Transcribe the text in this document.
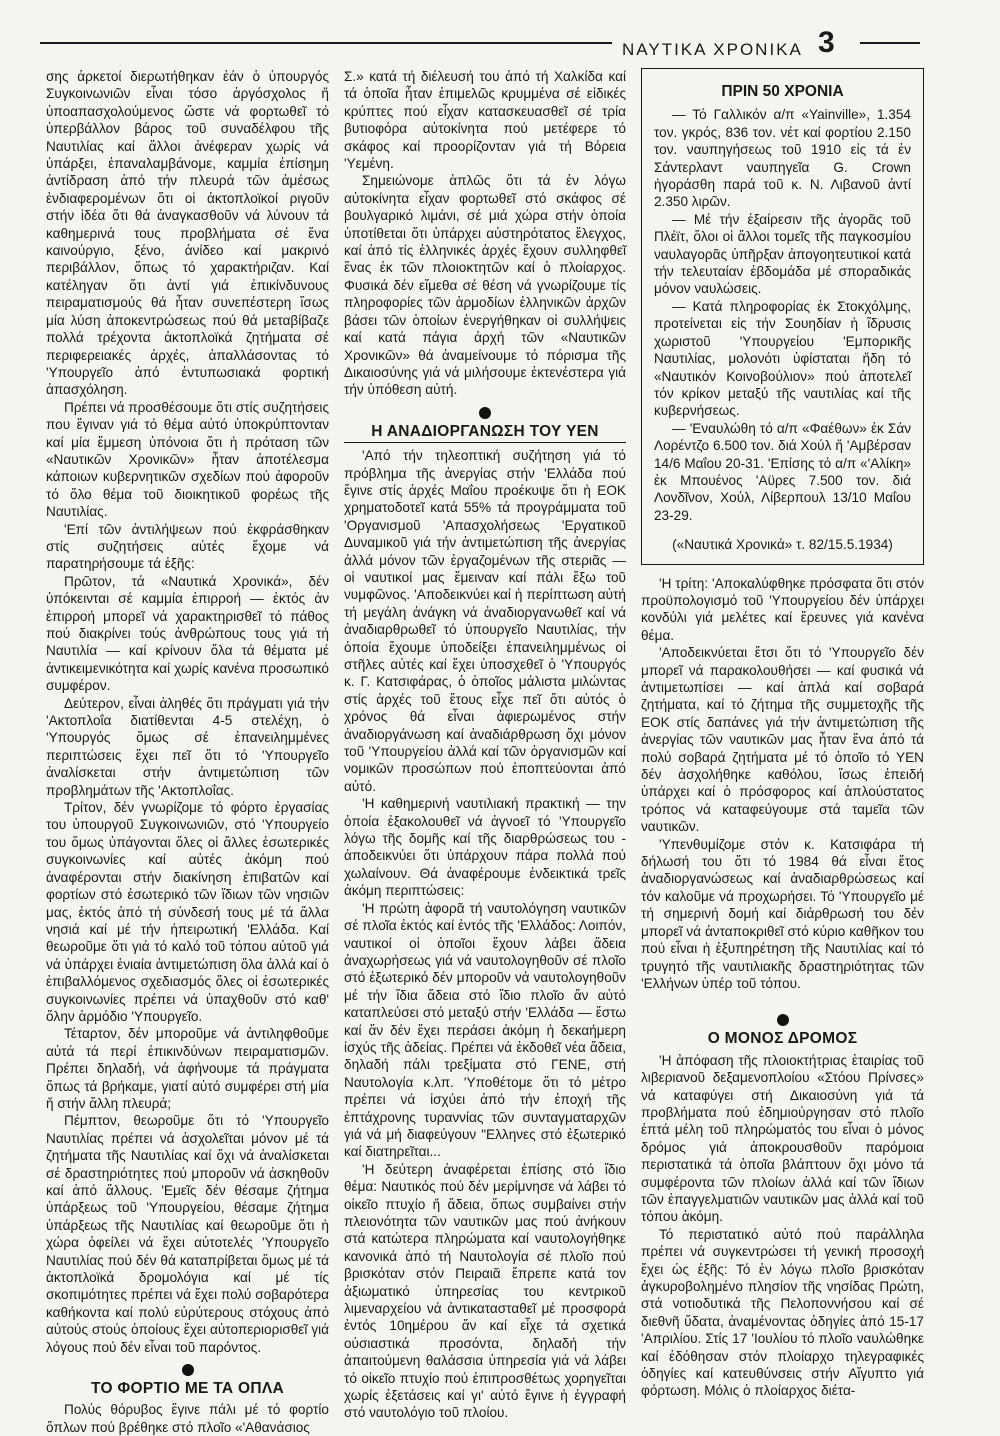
ΝΑΥΤΙΚΑ ΧΡΟΝΙΚΑ 3

σης ἀρκετοί διερωτήθηκαν ἐάν ὁ ὑπουργός Συγκοινωνιῶν εἶναι τόσο ἀργόσχολος ἤ ὑποαπασχολούμενος ὥστε νά φορτωθεῖ τό ὑπερβάλλον βάρος τοῦ συναδέλφου τῆς Ναυτιλίας καί ἄλλοι ἀνέφεραν χωρίς νά ὑπάρξει, ἐπαναλαμβάνομε, καμμία ἐπίσημη ἀντίδραση ἀπό τήν πλευρά τῶν ἀμέσως ἐνδιαφερομένων ὅτι οἱ ἀκτοπλοϊκοί ριγοῦν στήν ἰδέα ὅτι θά ἀναγκασθοῦν νά λύνουν τά καθημερινά τους προβλήματα σέ ἕνα καινούργιο, ξένο, ἀνίδεο καί μακρινό περιβάλλον, ὅπως τό χαρακτήριζαν. Καί κατέληγαν ὅτι ἀντί γιά ἐπικίνδυνους πειραματισμούς θά ἦταν συνεπέστερη ἴσως μία λύση ἀποκεντρώσεως πού θά μεταβίβαζε πολλά τρέχοντα ἀκτοπλοϊκά ζητήματα σέ περιφερειακές ἀρχές, ἀπαλλάσοντας τό 'Υπουργεῖο ἀπό ἐντυπωσιακά φορτική ἀπασχόληση.

Πρέπει νά προσθέσουμε ὅτι στίς συζητήσεις που ἔγιναν γιά τό θέμα αὐτό ὑποκρύπτονταν καί μία ἔμμεση ὑπόνοια ὅτι ἡ πρόταση τῶν «Ναυτικῶν Χρονικῶν» ἦταν ἀποτέλεσμα κάποιων κυβερνητικῶν σχεδίων πού ἀφοροῦν τό ὅλο θέμα τοῦ διοικητικοῦ φορέως τῆς Ναυτιλίας.

'Επί τῶν ἀντιλήψεων πού ἐκφράσθηκαν στίς συζητήσεις αὐτές ἔχομε νά παρατηρήσουμε τά ἑξῆς:

Πρῶτον, τά «Ναυτικά Χρονικά», δέν ὑπόκεινται σέ καμμία ἐπιρροή — ἐκτός ἀν ἐπιρροή μπορεῖ νά χαρακτηρισθεῖ τό πάθος πού διακρίνει τούς ἀνθρώπους τους γιά τή Ναυτιλία — καί κρίνουν ὅλα τά θέματα μέ ἀντικειμενικότητα καί χωρίς κανένα προσωπικό συμφέρον.

Δεύτερον, εἶναι ἀληθές ὅτι πράγματι γιά τήν 'Ακτοπλοΐα διατίθενται 4-5 στελέχη, ὁ 'Υπουργός ὅμως σέ ἐπανειλημμένες περιπτώσεις ἔχει πεῖ ὅτι τό 'Υπουργεῖο ἀναλίσκεται στήν ἀντιμετώπιση τῶν προβλημάτων τῆς 'Ακτοπλοΐας.

Τρίτον, δέν γνωρίζομε τό φόρτο ἐργασίας του ὑπουργοῦ Συγκοινωνιῶν, στό 'Υπουργείο του ὅμως ὑπάγονται ὅλες οἱ ἄλλες ἐσωτερικές συγκοινωνίες καί αὐτές ἀκόμη πού ἀναφέρονται στήν διακίνηση ἐπιβατῶν καί φορτίων στό ἐσωτερικό τῶν ἴδιων τῶν νησιῶν μας, ἐκτός ἀπό τή σύνδεσή τους μέ τά ἄλλα νησιά καί μέ τήν ἠπειρωτική 'Ελλάδα. Καί θεωροῦμε ὅτι γιά τό καλό τοῦ τόπου αὐτοῦ γιά νά ὑπάρχει ἑνιαία ἀντιμετώπιση ὅλα ἀλλά καί ὁ ἐπιβαλλόμενος σχεδιασμός ὅλες οἱ ἐσωτερικές συγκοινωνίες πρέπει νά ὑπαχθοῦν στό καθ' ὅλην ἁρμόδιο 'Υπουργεῖο.

Τέταρτον, δέν μποροῦμε νά ἀντιληφθοῦμε αὐτά τά περί ἐπικινδύνων πειραματισμῶν. Πρέπει δηλαδή, νά ἀφήνουμε τά πράγματα ὅπως τά βρήκαμε, γιατί αὐτό συμφέρει στή μία ἤ στήν ἄλλη πλευρά;

Πέμπτον, θεωροῦμε ὅτι τό 'Υπουργεῖο Ναυτιλίας πρέπει νά ἀσχολεῖται μόνον μέ τά ζητήματα τῆς Ναυτιλίας καί ὄχι νά ἀναλίσκεται σέ δραστηριότητες πού μποροῦν νά ἀσκηθοῦν καί ἀπό ἄλλους. 'Εμεῖς δέν θέσαμε ζήτημα ὑπάρξεως τοῦ 'Υπουργείου, θέσαμε ζήτημα ὑπάρξεως τῆς Ναυτιλίας καί θεωροῦμε ὅτι ἡ χώρα ὀφείλει νά ἔχει αὐτοτελές 'Υπουργεῖο Ναυτιλίας πού δέν θά καταπρίβεται ὅμως μέ τά ἀκτοπλοϊκά δρομολόγια καί μέ τίς σκοπιμότητες πρέπει νά ἔχει πολύ σοβαρότερα καθήκοντα καί πολύ εὐρύτερους στόχους ἀπό αὐτούς στούς ὁποίους ἔχει αὐτοπεριορισθεῖ γιά λόγους πού δέν εἶναι τοῦ παρόντος.

ΤΟ ΦΟΡΤΙΟ ΜΕ ΤΑ ΟΠΛΑ

Πολύς θόρυβος ἔγινε πάλι μέ τό φορτίο ὅπλων πού βρέθηκε στό πλοῖο «'Αθανάσιος

Σ.» κατά τή διέλευσή του ἀπό τή Χαλκίδα καί τά ὁποῖα ἦταν ἐπιμελῶς κρυμμένα σέ εἰδικές κρύπτες πού εἶχαν κατασκευασθεῖ σέ τρία βυτιοφόρα αὐτοκίνητα πού μετέφερε τό σκάφος καί προορίζονταν γιά τή Βόρεια 'Υεμένη.

Σημειώνομε ἁπλῶς ὅτι τά ἐν λόγω αὐτοκίνητα εἶχαν φορτωθεῖ στό σκάφος σέ βουλγαρικό λιμάνι, σέ μιά χώρα στήν ὁποία ὑποτίθεται ὅτι ὑπάρχει αὐστηρότατος ἔλεγχος, καί ἀπό τίς ἑλληνικές ἀρχές ἔχουν συλληφθεῖ ἕνας ἐκ τῶν πλοιοκτητῶν καί ὁ πλοίαρχος. Φυσικά δέν εἴμεθα σέ θέση νά γνωρίζουμε τίς πληροφορίες τῶν ἁρμοδίων ἑλληνικῶν ἀρχῶν βάσει τῶν ὁποίων ἐνεργήθηκαν οἱ συλλήψεις καί κατά πάγια ἀρχή τῶν «Ναυτικῶν Χρονικῶν» θά ἀναμείνουμε τό πόρισμα τῆς Δικαιοσύνης γιά νά μιλήσουμε ἐκτενέστερα γιά τήν ὑπόθεση αὐτή.

Η ΑΝΑΔΙΟΡΓΑΝΩΣΗ ΤΟΥ ΥΕΝ

'Από τήν τηλεοπτική συζήτηση γιά τό πρόβλημα τῆς ἀνεργίας στήν 'Ελλάδα πού ἔγινε στίς ἀρχές Μαΐου προέκυψε ὅτι ἡ ΕΟΚ χρηματοδοτεῖ κατά 55% τά προγράμματα τοῦ 'Οργανισμοῦ 'Απασχολήσεως 'Εργατικοῦ Δυναμικοῦ γιά τήν ἀντιμετώπιση τῆς ἀνεργίας ἀλλά μόνον τῶν ἐργαζομένων τῆς στεριᾶς — οἱ ναυτικοί μας ἔμειναν καί πάλι ἔξω τοῦ νυμφῶνος. 'Αποδεικνύει καί ἡ περίπτωση αὐτή τή μεγάλη ἀνάγκη νά ἀναδιοργανωθεῖ καί νά ἀναδιαρθρωθεῖ τό ὑπουργεῖο Ναυτιλίας, τήν ὁποία ἔχουμε ὑποδείξει ἐπανειλημμένως οἱ στῆλες αὐτές καί ἔχει ὑποσχεθεῖ ὁ 'Υπουργός κ. Γ. Κατσιφάρας, ὁ ὁποῖος μάλιστα μιλώντας στίς ἀρχές τοῦ ἔτους εἶχε πεῖ ὅτι αὐτός ὁ χρόνος θά εἶναι ἀφιερωμένος στήν ἀναδιοργάνωση καί ἀναδιάρθρωση ὄχι μόνον τοῦ 'Υπουργείου ἀλλά καί τῶν ὀργανισμῶν καί νομικῶν προσώπων πού ἐποπτεύονται ἀπό αὐτό.

'Η καθημερινή ναυτιλιακή πρακτική — την ὁποία ἐξακολουθεῖ νά ἀγνοεῖ τό 'Υπουργεῖο λόγω τῆς δομῆς καί τῆς διαρθρώσεως του - ἀποδεικνύει ὅτι ὑπάρχουν πάρα πολλά πού χωλαίνουν. Θά ἀναφέρουμε ἐνδεικτικά τρεῖς ἀκόμη περιπτώσεις:

'Η πρώτη ἀφορᾶ τή ναυτολόγηση ναυτικῶν σέ πλοῖα ἐκτός καί ἐντός τῆς 'Ελλάδος: Λοιπόν, ναυτικοί οἱ ὁποῖοι ἔχουν λάβει ἄδεια ἀναχωρήσεως γιά νά ναυτολογηθοῦν σέ πλοῖο στό ἐξωτερικό δέν μποροῦν νά ναυτολογηθοῦν μέ τήν ἴδια ἄδεια στό ἴδιο πλοῖο ἄν αὐτό καταπλεύσει στό μεταξύ στήν 'Ελλάδα — ἔστω καί ἄν δέν ἔχει περάσει ἀκόμη ἡ δεκαήμερη ἰσχύς τῆς ἀδείας. Πρέπει νά ἐκδοθεῖ νέα ἄδεια, δηλαδή πάλι τρεξίματα στό ΓΕΝΕ, στή Ναυτολογία κ.λπ. 'Υποθέτομε ὅτι τό μέτρο πρέπει νά ἰσχύει ἀπό τήν ἐποχή τῆς ἐπτάχρονης τυραννίας τῶν συνταγματαρχῶν γιά νά μή διαφεύγουν "Ελληνες στό ἐξωτερικό καί διατηρεῖται...

'Η δεύτερη ἀναφέρεται ἐπίσης στό ἴδιο θέμα: Ναυτικός πού δέν μερίμνησε νά λάβει τό οἰκεῖο πτυχίο ἤ ἄδεια, ὅπως συμβαίνει στήν πλειονότητα τῶν ναυτικῶν μας πού ἀνήκουν στά κατώτερα πληρώματα καί ναυτολογήθηκε κανονικά ἀπό τή Ναυτολογία σέ πλοῖο πού βρισκόταν στόν Πειραιᾶ ἔπρεπε κατά τον ἀξιωματικό ὑπηρεσίας του κεντρικοῦ λιμεναρχείου νά ἀντικατασταθεῖ μέ προσφορά ἐντός 10ημέρου ἄν καί εἶχε τά σχετικά οὐσιαστικά προσόντα, δηλαδή τήν ἀπαιτούμενη θαλάσσια ὑπηρεσία γιά νά λάβει τό οἰκεῖο πτυχίο πού ἐπιπροσθέτως χορηγεῖται χωρίς ἐξετάσεις καί γι' αὐτό ἔγινε ἡ ἐγγραφή στό ναυτολόγιο τοῦ πλοίου.

ΠΡΙΝ 50 ΧΡΟΝΙΑ

— Τό Γαλλικόν α/π «Yainville», 1.354 τον. γκρός, 836 τον. νέτ καί φορτίου 2.150 τον. ναυπηγήσεως τοῦ 1910 εἰς τά ἐν Σάντερλαντ ναυπηγεῖα G. Crown ἠγοράσθη παρά τοῦ κ. Ν. Λιβανοῦ ἀντί 2.350 λιρῶν.

— Μέ τήν ἐξαίρεσιν τῆς ἀγορᾶς τοῦ Πλέϊτ, ὅλοι οἱ ἄλλοι τομεῖς τῆς παγκοσμίου ναυλαγορᾶς ὑπῆρξαν ἀπογοητευτικοί κατά τήν τελευταίαν ἑβδομάδα μέ σποραδικάς μόνον ναυλώσεις.

— Κατά πληροφορίας ἐκ Στοκχόλμης, προτείνεται εἰς τήν Σουηδίαν ἡ ἵδρυσις χωριστοῦ 'Υπουργείου 'Εμπορικῆς Ναυτιλίας, μολονότι ὑφίσταται ἤδη τό «Ναυτικόν Κοινοβούλιον» πού ἀποτελεῖ τόν κρίκον μεταξύ τῆς ναυτιλίας καί τῆς κυβερνήσεως.

— 'Εναυλώθη τό α/π «Φαέθων» ἐκ Σάν Λορέντζο 6.500 τον. διά Χούλ ἤ 'Αμβέρσαν 14/6 Μαΐου 20-31. 'Επίσης τό α/π «'Αλίκη» ἐκ Μπουένος 'Αϋρες 7.500 τον. διά Λονδῖνον, Χούλ, Λίβερπουλ 13/10 Μαΐου 23-29.

(«Ναυτικά Χρονικά» τ. 82/15.5.1934)

'Η τρίτη: 'Αποκαλύφθηκε πρόσφατα ὅτι στόν προϋπολογισμό τοῦ 'Υπουργείου δέν ὑπάρχει κονδύλι γιά μελέτες καί ἔρευνες γιά κανένα θέμα.

'Αποδεικνύεται ἔτσι ὅτι τό 'Υπουργεῖο δέν μπορεῖ νά παρακολουθήσει — καί φυσικά νά ἀντιμετωπίσει — καί ἁπλά καί σοβαρά ζητήματα, καί τό ζήτημα τῆς συμμετοχῆς τῆς ΕΟΚ στίς δαπάνες γιά τήν ἀντιμετώπιση τῆς ἀνεργίας τῶν ναυτικῶν μας ἦταν ἕνα ἀπό τά πολύ σοβαρά ζητήματα μέ τό ὁποῖο τό ΥΕΝ δέν ἀσχολήθηκε καθόλου, ἴσως ἐπειδή ὑπάρχει καί ὁ πρόσφορος καί ἁπλούστατος τρόπος νά καταφεύγουμε στά ταμεῖα τῶν ναυτικῶν.

'Υπενθυμίζομε στόν κ. Κατσιφάρα τή δήλωσή του ὅτι τό 1984 θά εἶναι ἔτος ἀναδιοργανώσεως καί ἀναδιαρθρώσεως καί τόν καλοῦμε νά προχωρήσει. Τό 'Υπουργεῖο μέ τή σημερινή δομή καί διάρθρωσή του δέν μπορεῖ νά ἀνταποκριθεῖ στό κύριο καθῆκον του πού εἶναι ἡ ἐξυπηρέτηση τῆς Ναυτιλίας καί τό τρυγητό τῆς ναυτιλιακῆς δραστηριότητας τῶν 'Ελλήνων ὑπέρ τοῦ τόπου.

Ο ΜΟΝΟΣ ΔΡΟΜΟΣ

'Η ἀπόφαση τῆς πλοιοκτήτριας ἑταιρίας τοῦ λιβεριανοῦ δεξαμενοπλοίου «Στόου Πρίνσες» νά καταφύγει στή Δικαιοσύνη γιά τά προβλήματα πού ἐδημιούργησαν στό πλοῖο ἑπτά μέλη τοῦ πληρώματός του εἶναι ὁ μόνος δρόμος γιά ἀποκρουσθοῦν παρόμοια περιστατικά τά ὁποῖα βλάπτουν ὄχι μόνο τά συμφέροντα τῶν πλοίων ἀλλά καί τῶν ἴδιων τῶν ἐπαγγελματιῶν ναυτικῶν μας ἀλλά καί τοῦ τόπου ἀκόμη.

Τό περιστατικό αὐτό πού παράλληλα πρέπει νά συγκεντρώσει τή γενική προσοχή ἔχει ὡς ἑξῆς: Τό ἐν λόγω πλοῖο βρισκόταν ἀγκυροβολημένο πλησίον τῆς νησίδας Πρώτη, στά νοτιοδυτικά τῆς Πελοποννήσου καί σέ διεθνῆ ὕδατα, ἀναμένοντας ὁδηγίες ἀπό 15-17 'Απριλίου. Στίς 17 'Ιουλίου τό πλοῖο ναυλώθηκε καί ἐδόθησαν στόν πλοίαρχο τηλεγραφικές ὁδηγίες καί κατευθύνσεις στήν Αἴγυπτο γιά φόρτωση. Μόλις ὁ πλοίαρχος διέτα-
